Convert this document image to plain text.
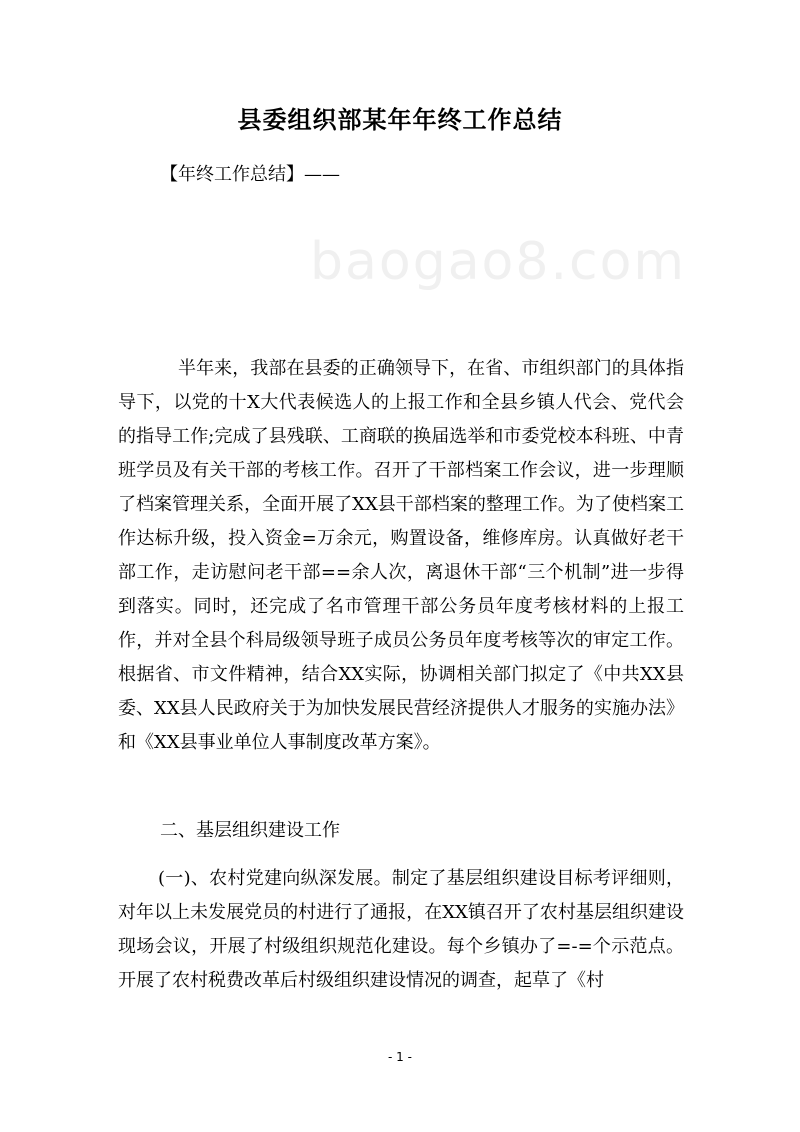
县委组织部某年年终工作总结
【年终工作总结】——
baogao8.com
半年来，我部在县委的正确领导下，在省、市组织部门的具体指导下，以党的十X大代表候选人的上报工作和全县乡镇人代会、党代会的指导工作;完成了县残联、工商联的换届选举和市委党校本科班、中青班学员及有关干部的考核工作。召开了干部档案工作会议，进一步理顺了档案管理关系，全面开展了XX县干部档案的整理工作。为了使档案工作达标升级，投入资金=万余元，购置设备，维修库房。认真做好老干部工作，走访慰问老干部==余人次，离退休干部“三个机制”进一步得到落实。同时，还完成了名市管理干部公务员年度考核材料的上报工作，并对全县个科局级领导班子成员公务员年度考核等次的审定工作。根据省、市文件精神，结合XX实际，协调相关部门拟定了《中共XX县委、XX县人民政府关于为加快发展民营经济提供人才服务的实施办法》和《XX县事业单位人事制度改革方案》。
二、基层组织建设工作
(一)、农村党建向纵深发展。制定了基层组织建设目标考评细则，对年以上未发展党员的村进行了通报，在XX镇召开了农村基层组织建设现场会议，开展了村级组织规范化建设。每个乡镇办了=-=个示范点。开展了农村税费改革后村级组织建设情况的调查，起草了《村
- 1 -
